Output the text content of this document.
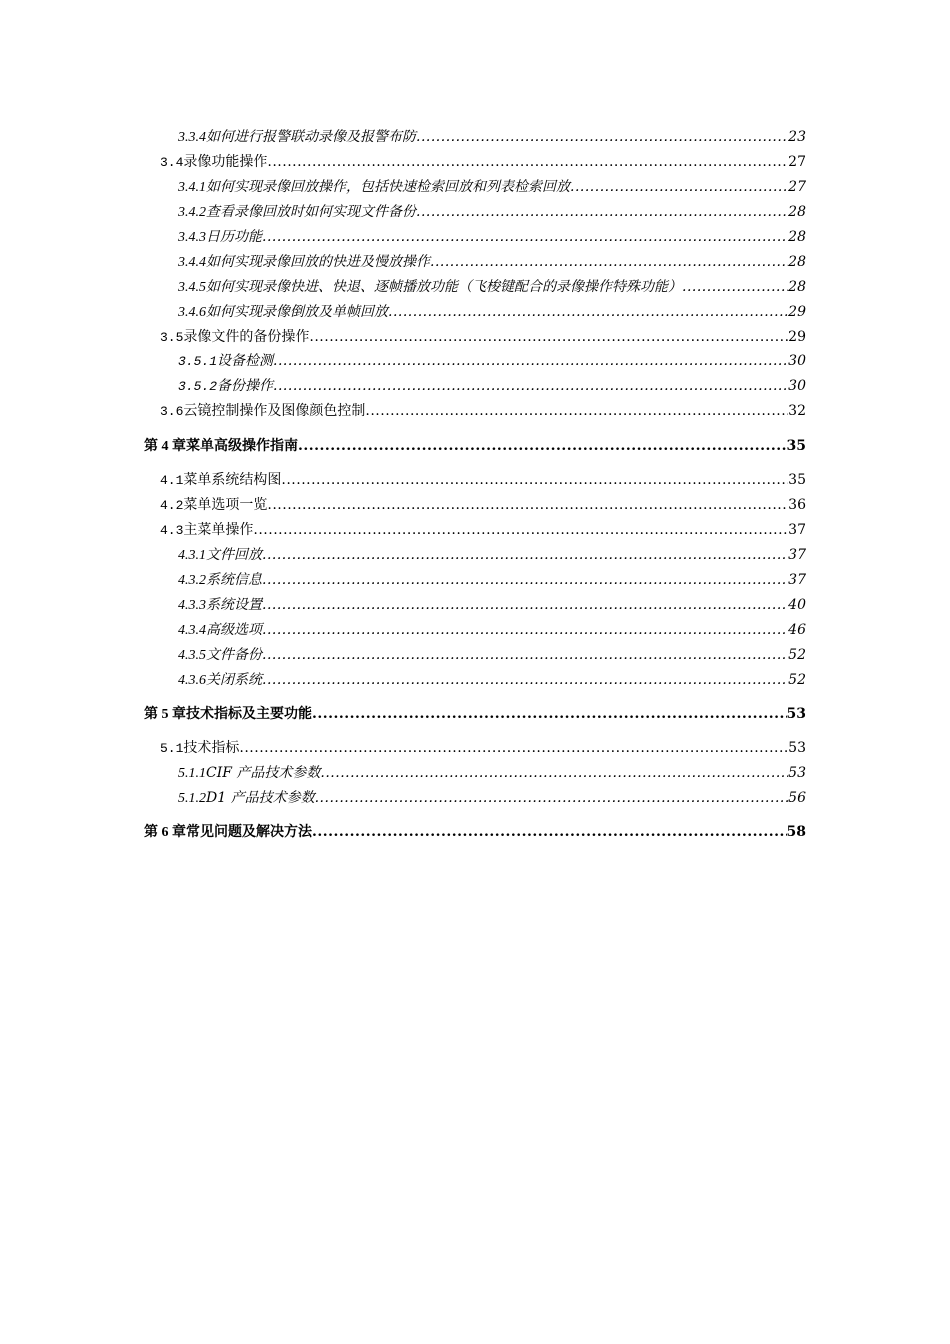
3.3.4 如何进行报警联动录像及报警布防 .....	23
3.4 录像功能操作 .....	27
3.4.1 如何实现录像回放操作，包括快速检索回放和列表检索回放 .....	27
3.4.2 查看录像回放时如何实现文件备份 .....	28
3.4.3 日历功能 .....	28
3.4.4 如何实现录像回放的快进及慢放操作 .....	28
3.4.5 如何实现录像快进、快退、逐帧播放功能（飞梭键配合的录像操作特殊功能） .....	28
3.4.6 如何实现录像倒放及单帧回放 .....	29
3.5 录像文件的备份操作 .....	29
3.5.1 设备检测 .....	30
3.5.2 备份操作 .....	30
3.6 云镜控制操作及图像颜色控制 .....	32
第 4 章 菜单高级操作指南 .....	35
4.1 菜单系统结构图 .....	35
4.2 菜单选项一览 .....	36
4.3 主菜单操作 .....	37
4.3.1 文件回放 .....	37
4.3.2 系统信息 .....	37
4.3.3 系统设置 .....	40
4.3.4 高级选项 .....	46
4.3.5 文件备份 .....	52
4.3.6 关闭系统 .....	52
第 5 章 技术指标及主要功能 .....	53
5.1 技术指标 .....	53
5.1.1 CIF 产品技术参数 .....	53
5.1.2 D1 产品技术参数 .....	56
第 6 章 常见问题及解决方法 .....	58
